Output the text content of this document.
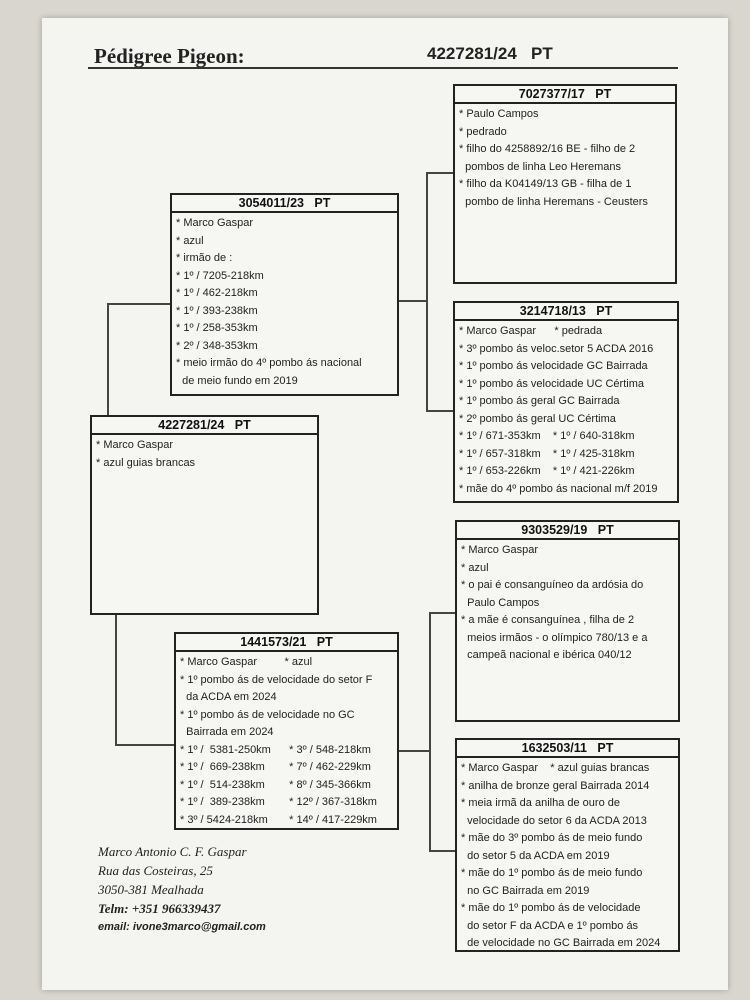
Pédigree Pigeon:	4227281/24   PT
4227281/24   PT
* Marco Gaspar
* azul guias brancas
3054011/23   PT
* Marco Gaspar
* azul
* irmão de :
* 1º / 7205-218km
* 1º / 462-218km
* 1º / 393-238km
* 1º / 258-353km
* 2º / 348-353km
* meio irmão do 4º pombo ás nacional
de meio fundo em 2019
1441573/21   PT
* Marco Gaspar         * azul
* 1º pombo ás de velocidade do setor F
da ACDA em 2024
* 1º pombo ás de velocidade no GC
Bairrada em 2024
* 1º /  5381-250km      * 3º / 548-218km
* 1º /  669-238km        * 7º / 462-229km
* 1º /  514-238km        * 8º / 345-366km
* 1º /  389-238km        * 12º / 367-318km
* 3º / 5424-218km       * 14º / 417-229km
7027377/17   PT
* Paulo Campos
* pedrado
* filho do 4258892/16 BE - filho de 2
pombos de linha Leo Heremans
* filho da K04149/13 GB - filha de 1
pombo de linha Heremans - Ceusters
3214718/13   PT
* Marco Gaspar      * pedrada
* 3º pombo ás veloc.setor 5 ACDA 2016
* 1º pombo ás velocidade GC Bairrada
* 1º pombo ás velocidade UC Cértima
* 1º pombo ás geral GC Bairrada
* 2º pombo ás geral UC Cértima
* 1º / 671-353km    * 1º / 640-318km
* 1º / 657-318km    * 1º / 425-318km
* 1º / 653-226km    * 1º / 421-226km
* mãe do 4º pombo ás nacional m/f 2019
9303529/19   PT
* Marco Gaspar
* azul
* o pai é consanguíneo da ardósia do
Paulo Campos
* a mãe é consanguínea , filha de 2
meios irmãos - o olímpico 780/13 e a
campeã nacional e ibérica 040/12
1632503/11   PT
* Marco Gaspar    * azul guias brancas
* anilha de bronze geral Bairrada 2014
* meia irmã da anilha de ouro de
velocidade do setor 6 da ACDA 2013
* mãe do 3º pombo ás de meio fundo
do setor 5 da ACDA em 2019
* mãe do 1º pombo ás de meio fundo
no GC Bairrada em 2019
* mãe do 1º pombo ás de velocidade
do setor F da ACDA e 1º pombo ás
de velocidade no GC Bairrada em 2024
Marco Antonio C. F. Gaspar
Rua das Costeiras, 25
3050-381 Mealhada
Telm: +351 966339437
email: ivone3marco@gmail.com
